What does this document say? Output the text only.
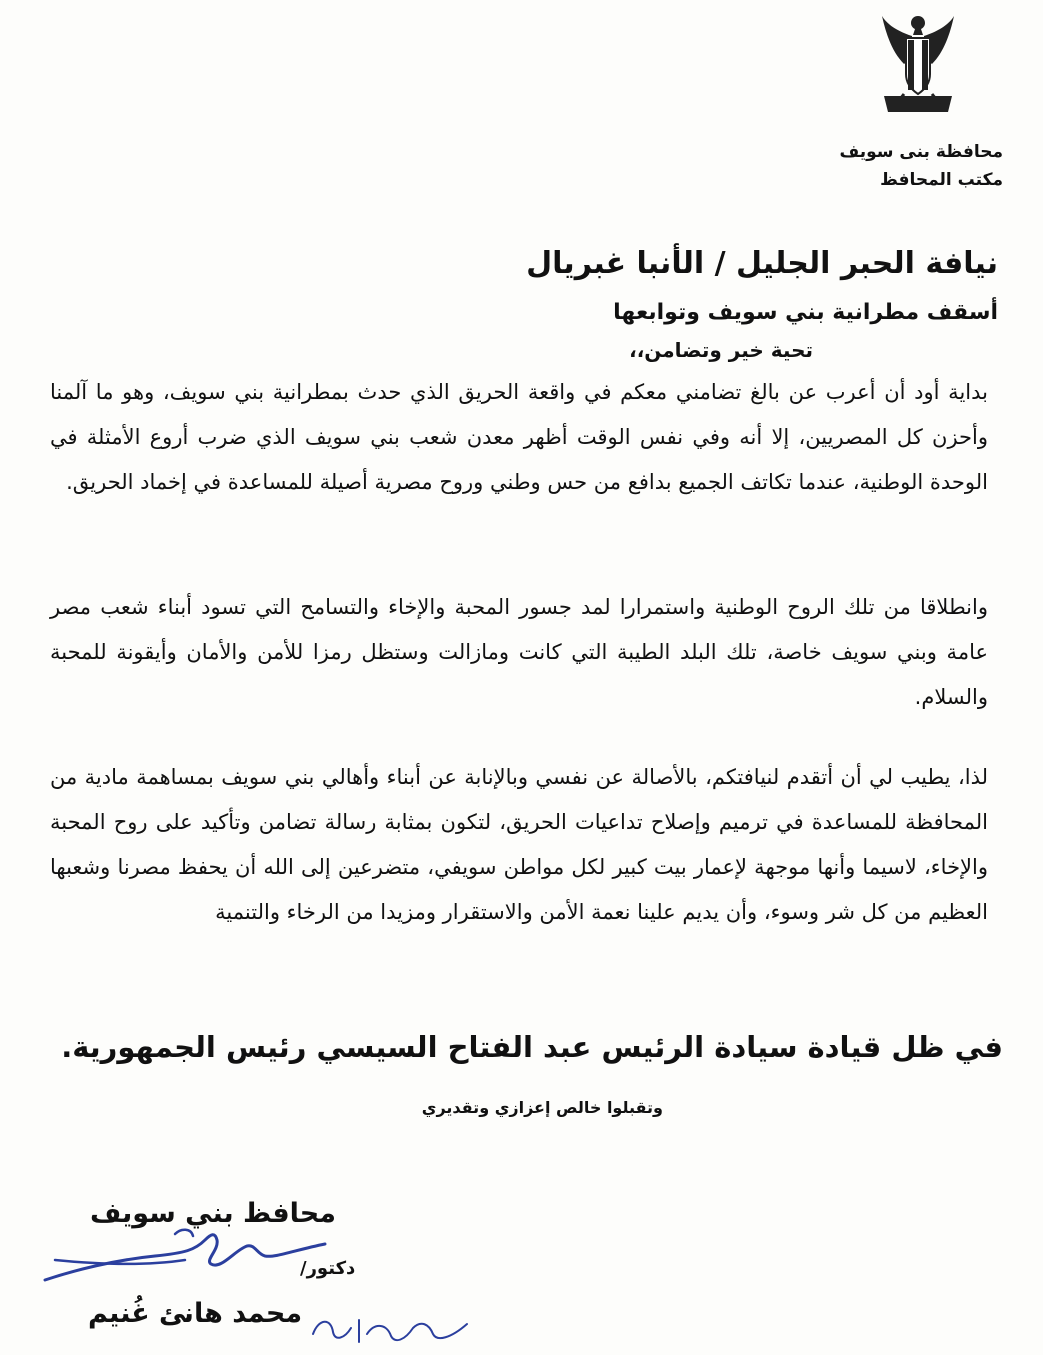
محافظة بنى سويف
مكتب المحافظ
نيافة الحبر الجليل / الأنبا غبريال
أسقف مطرانية بني سويف وتوابعها
تحية خير وتضامن،،

بداية أود أن أعرب عن بالغ تضامني معكم في واقعة الحريق الذي حدث بمطرانية بني سويف، وهو ما آلمنا وأحزن كل المصريين، إلا أنه وفي نفس الوقت أظهر معدن شعب بني سويف الذي ضرب أروع الأمثلة في الوحدة الوطنية، عندما تكاتف الجميع بدافع من حس وطني وروح مصرية أصيلة للمساعدة في إخماد الحريق.

وانطلاقا من تلك الروح الوطنية واستمرارا لمد جسور المحبة والإخاء والتسامح التي تسود أبناء شعب مصر عامة وبني سويف خاصة، تلك البلد الطيبة التي كانت ومازالت وستظل رمزا للأمن والأمان وأيقونة للمحبة والسلام.

لذا، يطيب لي أن أتقدم لنيافتكم، بالأصالة عن نفسي وبالإنابة عن أبناء وأهالي بني سويف بمساهمة مادية من المحافظة للمساعدة في ترميم وإصلاح تداعيات الحريق، لتكون بمثابة رسالة تضامن وتأكيد على روح المحبة والإخاء، لاسيما وأنها موجهة لإعمار بيت كبير لكل مواطن سويفي، متضرعين إلى الله أن يحفظ مصرنا وشعبها العظيم من كل شر وسوء، وأن يديم علينا نعمة الأمن والاستقرار ومزيدا من الرخاء والتنمية

في ظل قيادة سيادة الرئيس عبد الفتاح السيسي رئيس الجمهورية.
وتقبلوا خالص إعزازي وتقديري
محافظ بني سويف
دكتور/
محمد هانئ غُنيم
